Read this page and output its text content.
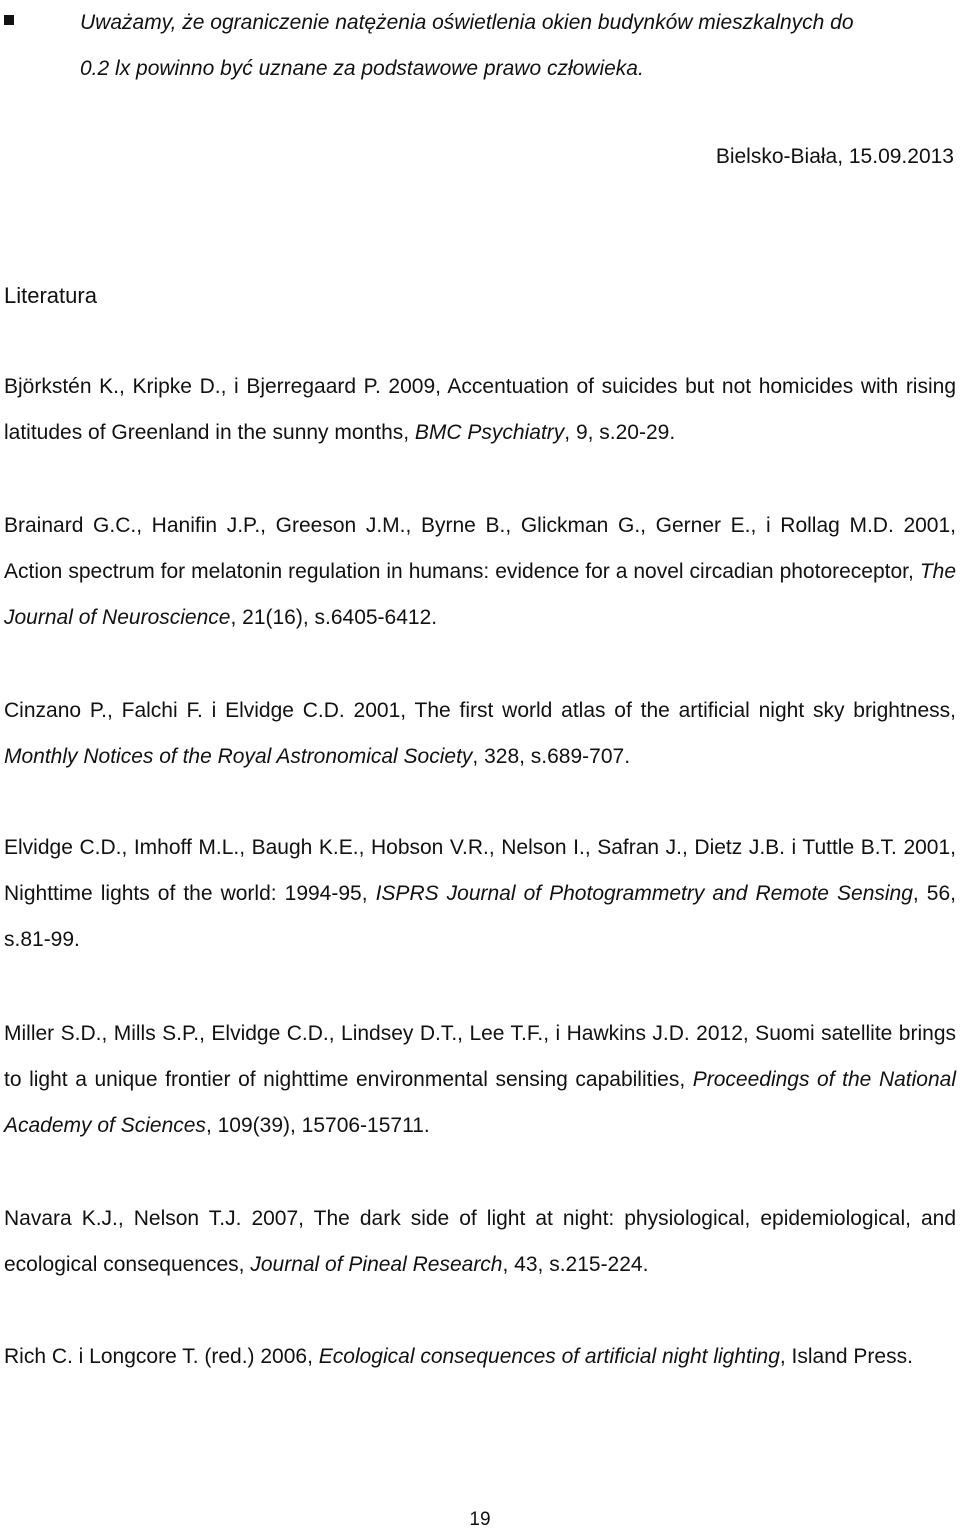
Uważamy, że ograniczenie natężenia oświetlenia okien budynków mieszkalnych do
0.2 lx powinno być uznane za podstawowe prawo człowieka.
Bielsko-Biała, 15.09.2013
Literatura
Björkstén K., Kripke D., i Bjerregaard P. 2009, Accentuation of suicides but not homicides with rising latitudes of Greenland in the sunny months, BMC Psychiatry, 9, s.20-29.
Brainard G.C., Hanifin J.P., Greeson J.M., Byrne B., Glickman G., Gerner E., i Rollag M.D. 2001, Action spectrum for melatonin regulation in humans: evidence for a novel circadian photoreceptor, The Journal of Neuroscience, 21(16), s.6405-6412.
Cinzano P., Falchi F. i Elvidge C.D. 2001, The first world atlas of the artificial night sky brightness, Monthly Notices of the Royal Astronomical Society, 328, s.689-707.
Elvidge C.D., Imhoff M.L., Baugh K.E., Hobson V.R., Nelson I., Safran J., Dietz J.B. i Tuttle B.T. 2001, Nighttime lights of the world: 1994-95, ISPRS Journal of Photogrammetry and Remote Sensing, 56, s.81-99.
Miller S.D., Mills S.P., Elvidge C.D., Lindsey D.T., Lee T.F., i Hawkins J.D. 2012, Suomi satellite brings to light a unique frontier of nighttime environmental sensing capabilities, Proceedings of the National Academy of Sciences, 109(39), 15706-15711.
Navara K.J., Nelson T.J. 2007, The dark side of light at night: physiological, epidemiological, and ecological consequences, Journal of Pineal Research, 43, s.215-224.
Rich C. i Longcore T. (red.) 2006, Ecological consequences of artificial night lighting, Island Press.
19
